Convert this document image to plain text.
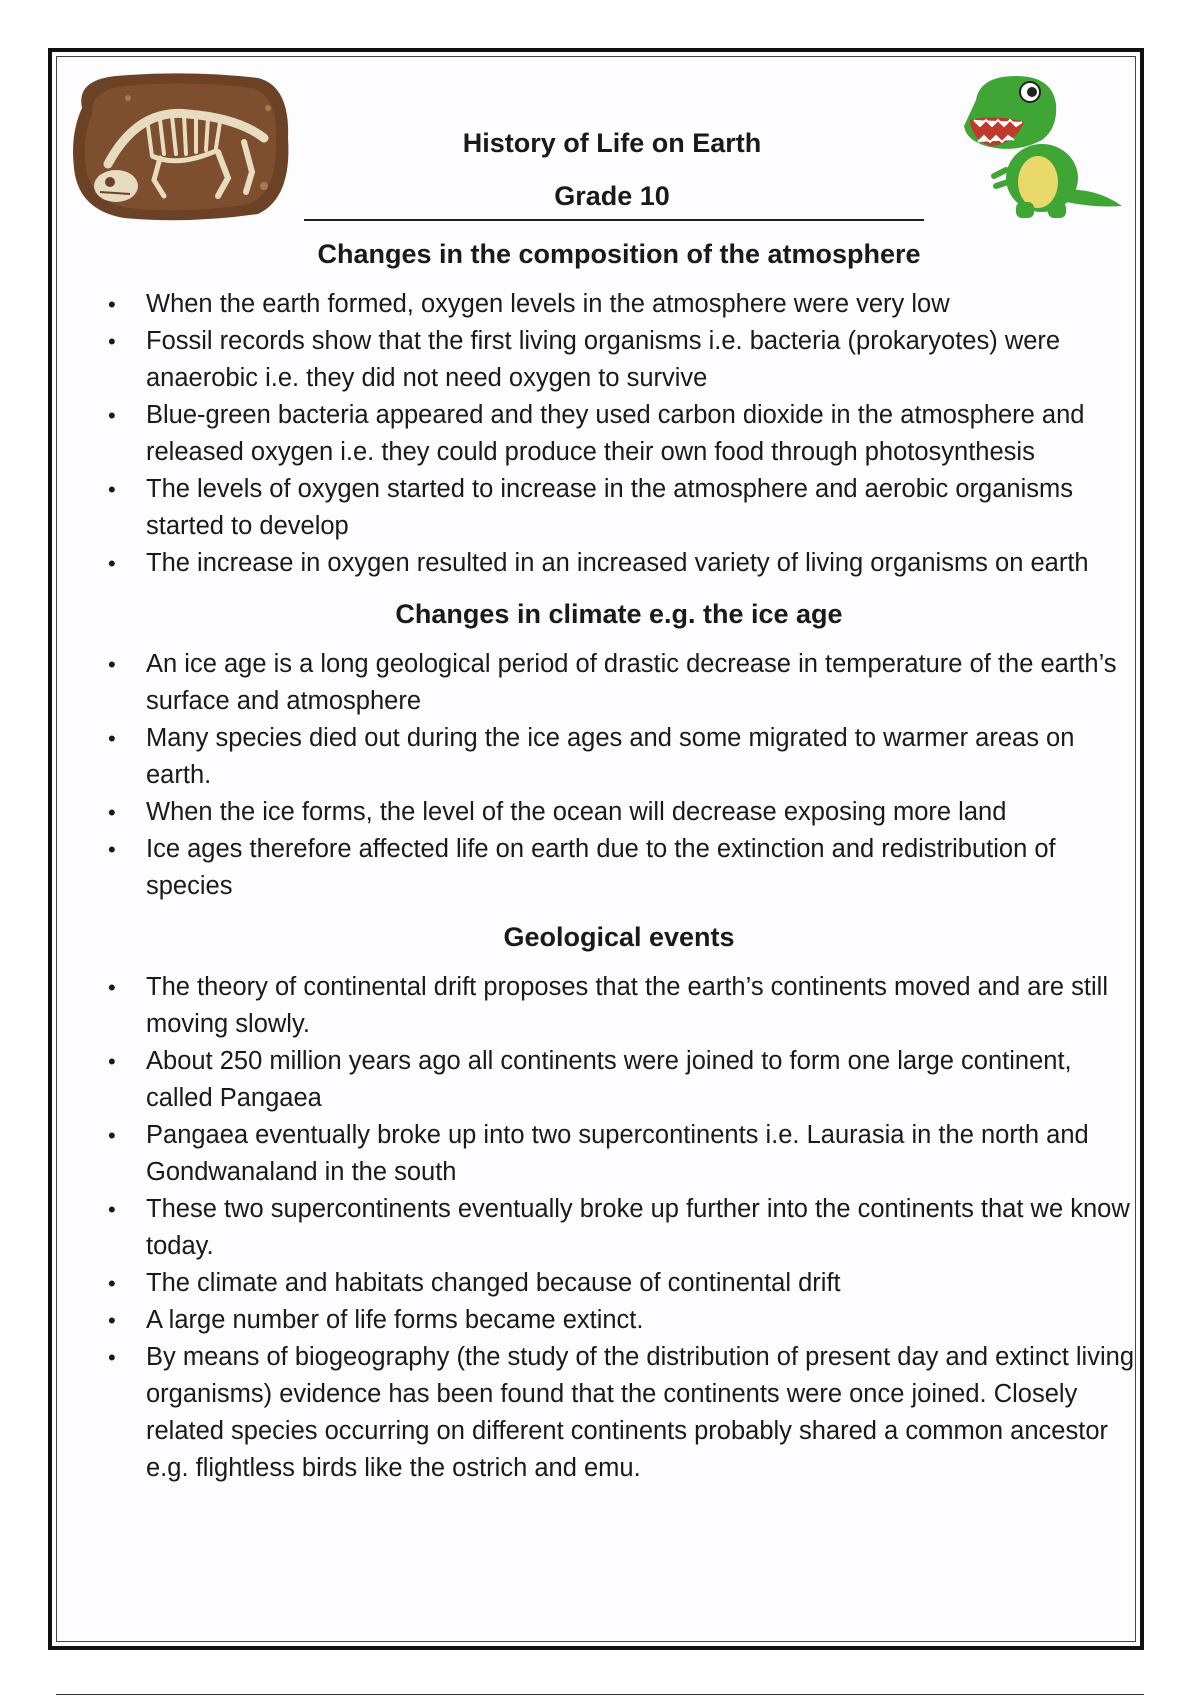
History of Life on Earth
Grade 10
Changes in the composition of the atmosphere
• When the earth formed, oxygen levels in the atmosphere were very low
• Fossil records show that the first living organisms i.e. bacteria (prokaryotes) were anaerobic i.e. they did not need oxygen to survive
• Blue-green bacteria appeared and they used carbon dioxide in the atmosphere and released oxygen i.e. they could produce their own food through photosynthesis
• The levels of oxygen started to increase in the atmosphere and aerobic organisms started to develop
• The increase in oxygen resulted in an increased variety of living organisms on earth
Changes in climate e.g. the ice age
• An ice age is a long geological period of drastic decrease in temperature of the earth’s surface and atmosphere
• Many species died out during the ice ages and some migrated to warmer areas on earth.
• When the ice forms, the level of the ocean will decrease exposing more land
• Ice ages therefore affected life on earth due to the extinction and redistribution of species
Geological events
• The theory of continental drift proposes that the earth’s continents moved and are still moving slowly.
• About 250 million years ago all continents were joined to form one large continent, called Pangaea
• Pangaea eventually broke up into two supercontinents i.e. Laurasia in the north and Gondwanaland in the south
• These two supercontinents eventually broke up further into the continents that we know today.
• The climate and habitats changed because of continental drift
• A large number of life forms became extinct.
• By means of biogeography (the study of the distribution of present day and extinct living organisms) evidence has been found that the continents were once joined. Closely related species occurring on different continents probably shared a common ancestor e.g. flightless birds like the ostrich and emu.
